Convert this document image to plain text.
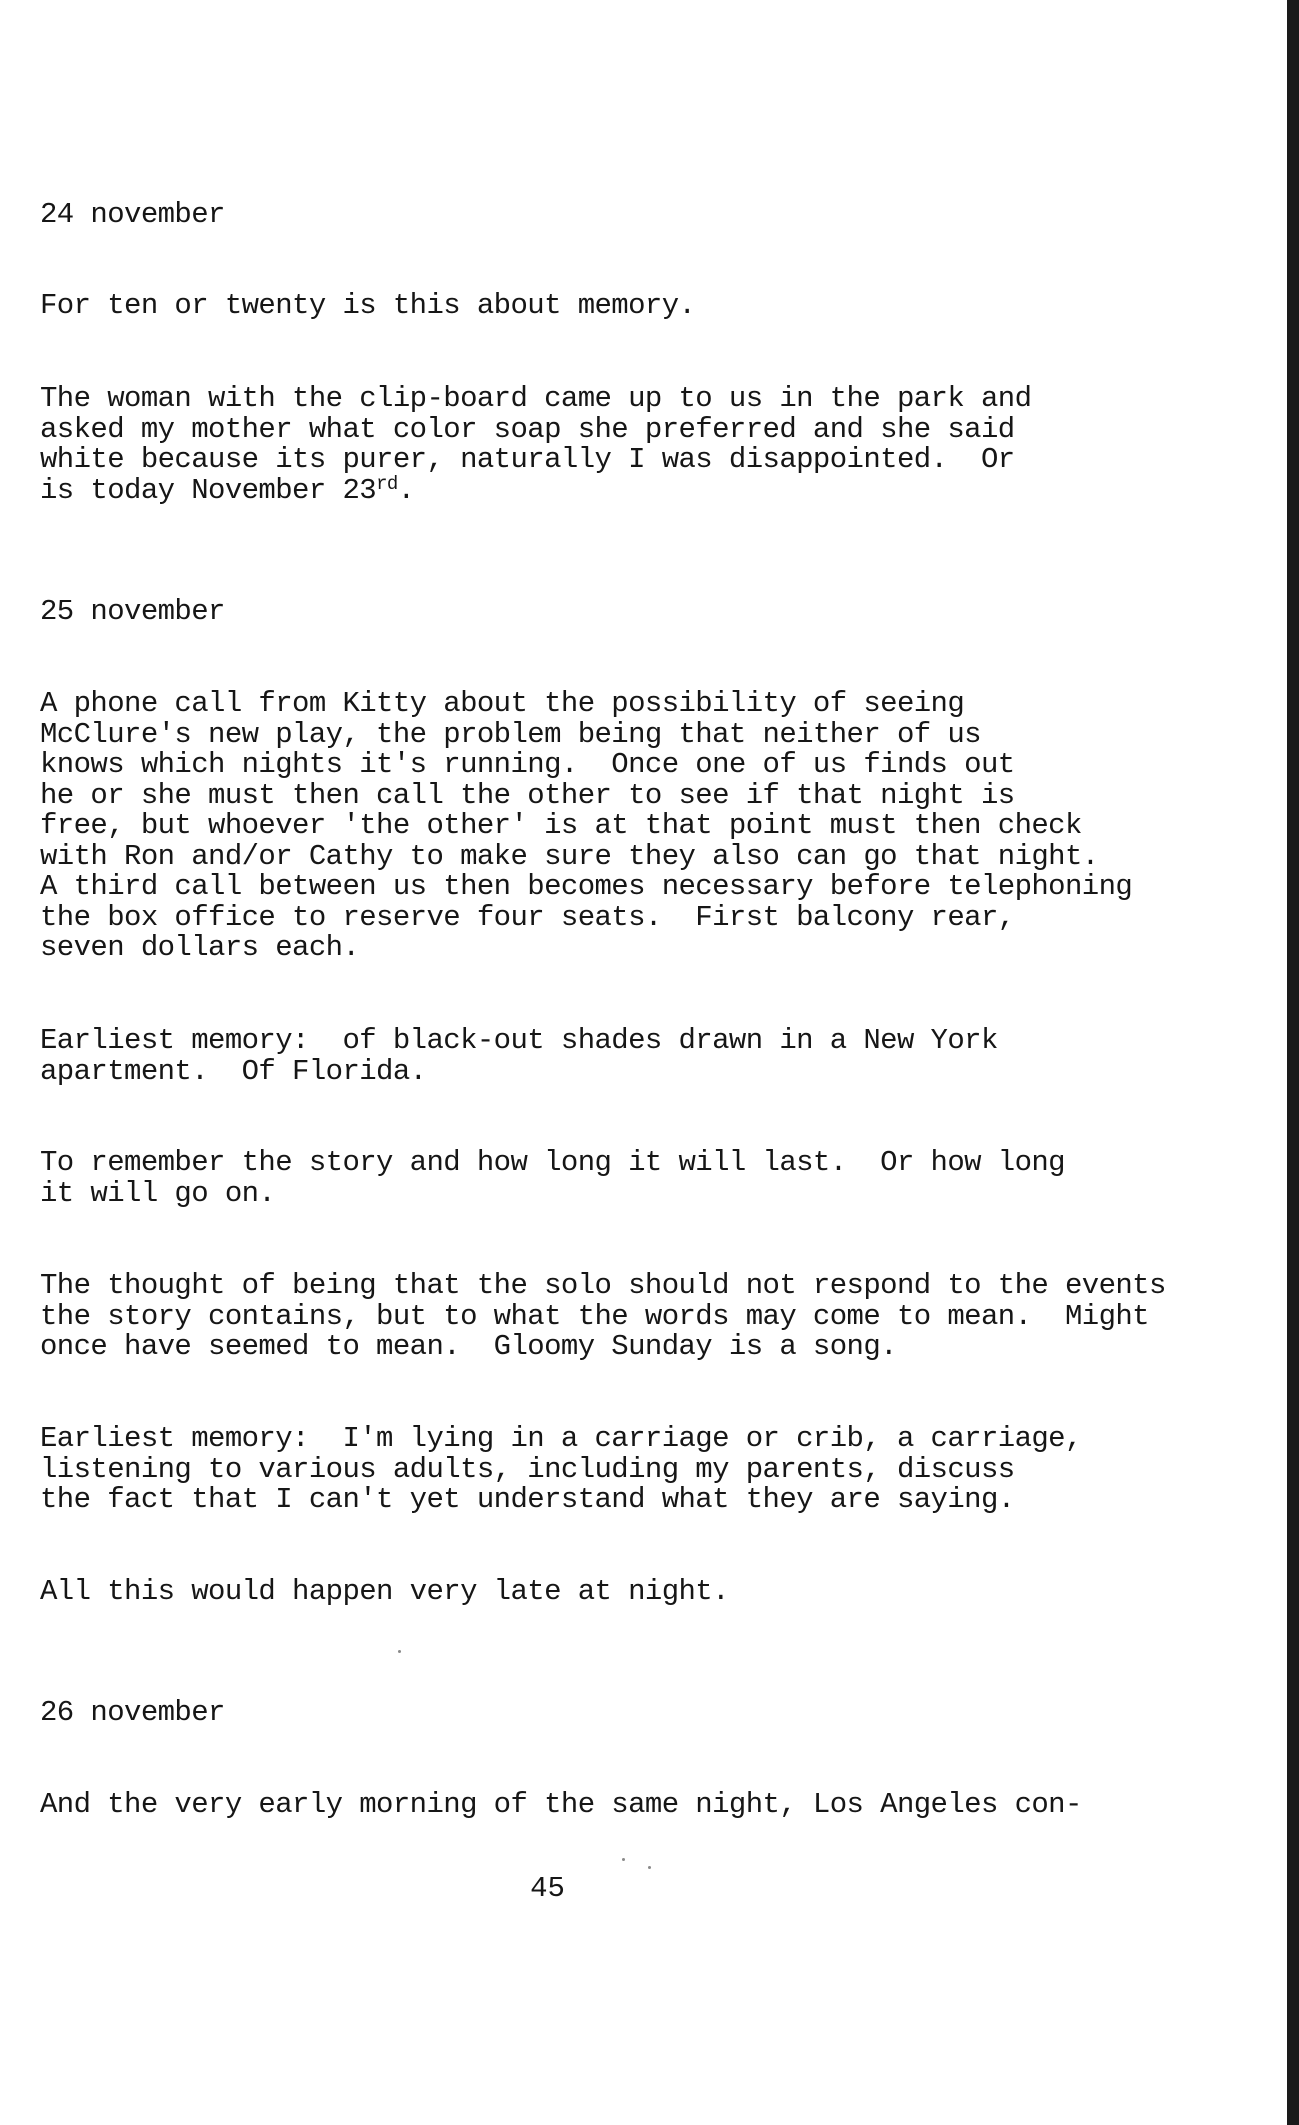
24 november

For ten or twenty is this about memory.

The woman with the clip-board came up to us in the park and
asked my mother what color soap she preferred and she said
white because its purer, naturally I was disappointed.  Or
is today November 23rd.

25 november

A phone call from Kitty about the possibility of seeing
McClure's new play, the problem being that neither of us
knows which nights it's running.  Once one of us finds out
he or she must then call the other to see if that night is
free, but whoever 'the other' is at that point must then check
with Ron and/or Cathy to make sure they also can go that night.
A third call between us then becomes necessary before telephoning
the box office to reserve four seats.  First balcony rear,
seven dollars each.

Earliest memory:  of black-out shades drawn in a New York
apartment.  Of Florida.

To remember the story and how long it will last.  Or how long
it will go on.

The thought of being that the solo should not respond to the events
the story contains, but to what the words may come to mean.  Might
once have seemed to mean.  Gloomy Sunday is a song.

Earliest memory:  I'm lying in a carriage or crib, a carriage,
listening to various adults, including my parents, discuss
the fact that I can't yet understand what they are saying.

All this would happen very late at night.

26 november

And the very early morning of the same night, Los Angeles con-

45
